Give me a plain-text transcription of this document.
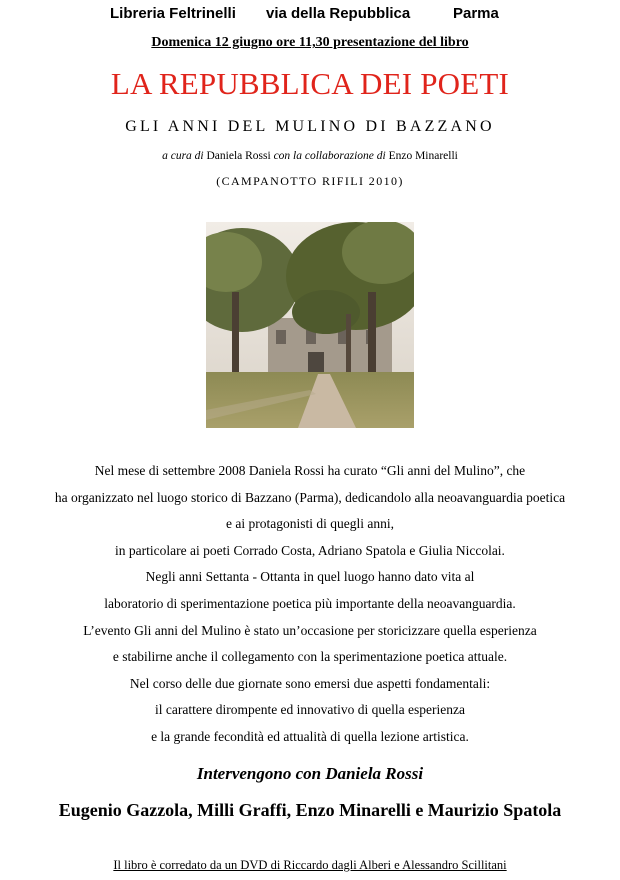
Libreria Feltrinelli via della Repubblica	Parma
Domenica 12 giugno ore 11,30 presentazione del libro
LA REPUBBLICA DEI POETI
GLI ANNI DEL MULINO DI BAZZANO
a cura di Daniela Rossi con la collaborazione di Enzo Minarelli
(CAMPANOTTO RIFILI 2010)
Nel mese di settembre 2008 Daniela Rossi ha curato “Gli anni del Mulino”, che
ha organizzato nel luogo storico di Bazzano (Parma), dedicandolo alla neoavanguardia poetica
e ai protagonisti di quegli anni,
in particolare ai poeti Corrado Costa, Adriano Spatola e Giulia Niccolai.
Negli anni Settanta - Ottanta in quel luogo hanno dato vita al
laboratorio di sperimentazione poetica più importante della neoavanguardia.
L’evento Gli anni del Mulino è stato un’occasione per storicizzare quella esperienza
e stabilirne anche il collegamento con la sperimentazione poetica attuale.
Nel corso delle due giornate sono emersi due aspetti fondamentali:
il carattere dirompente ed innovativo di quella esperienza
e la grande fecondità ed attualità di quella lezione artistica.
Intervengono con Daniela Rossi
Eugenio Gazzola, Milli Graffi, Enzo Minarelli e Maurizio Spatola
Il libro è corredato da un DVD di Riccardo dagli Alberi e Alessandro Scillitani
